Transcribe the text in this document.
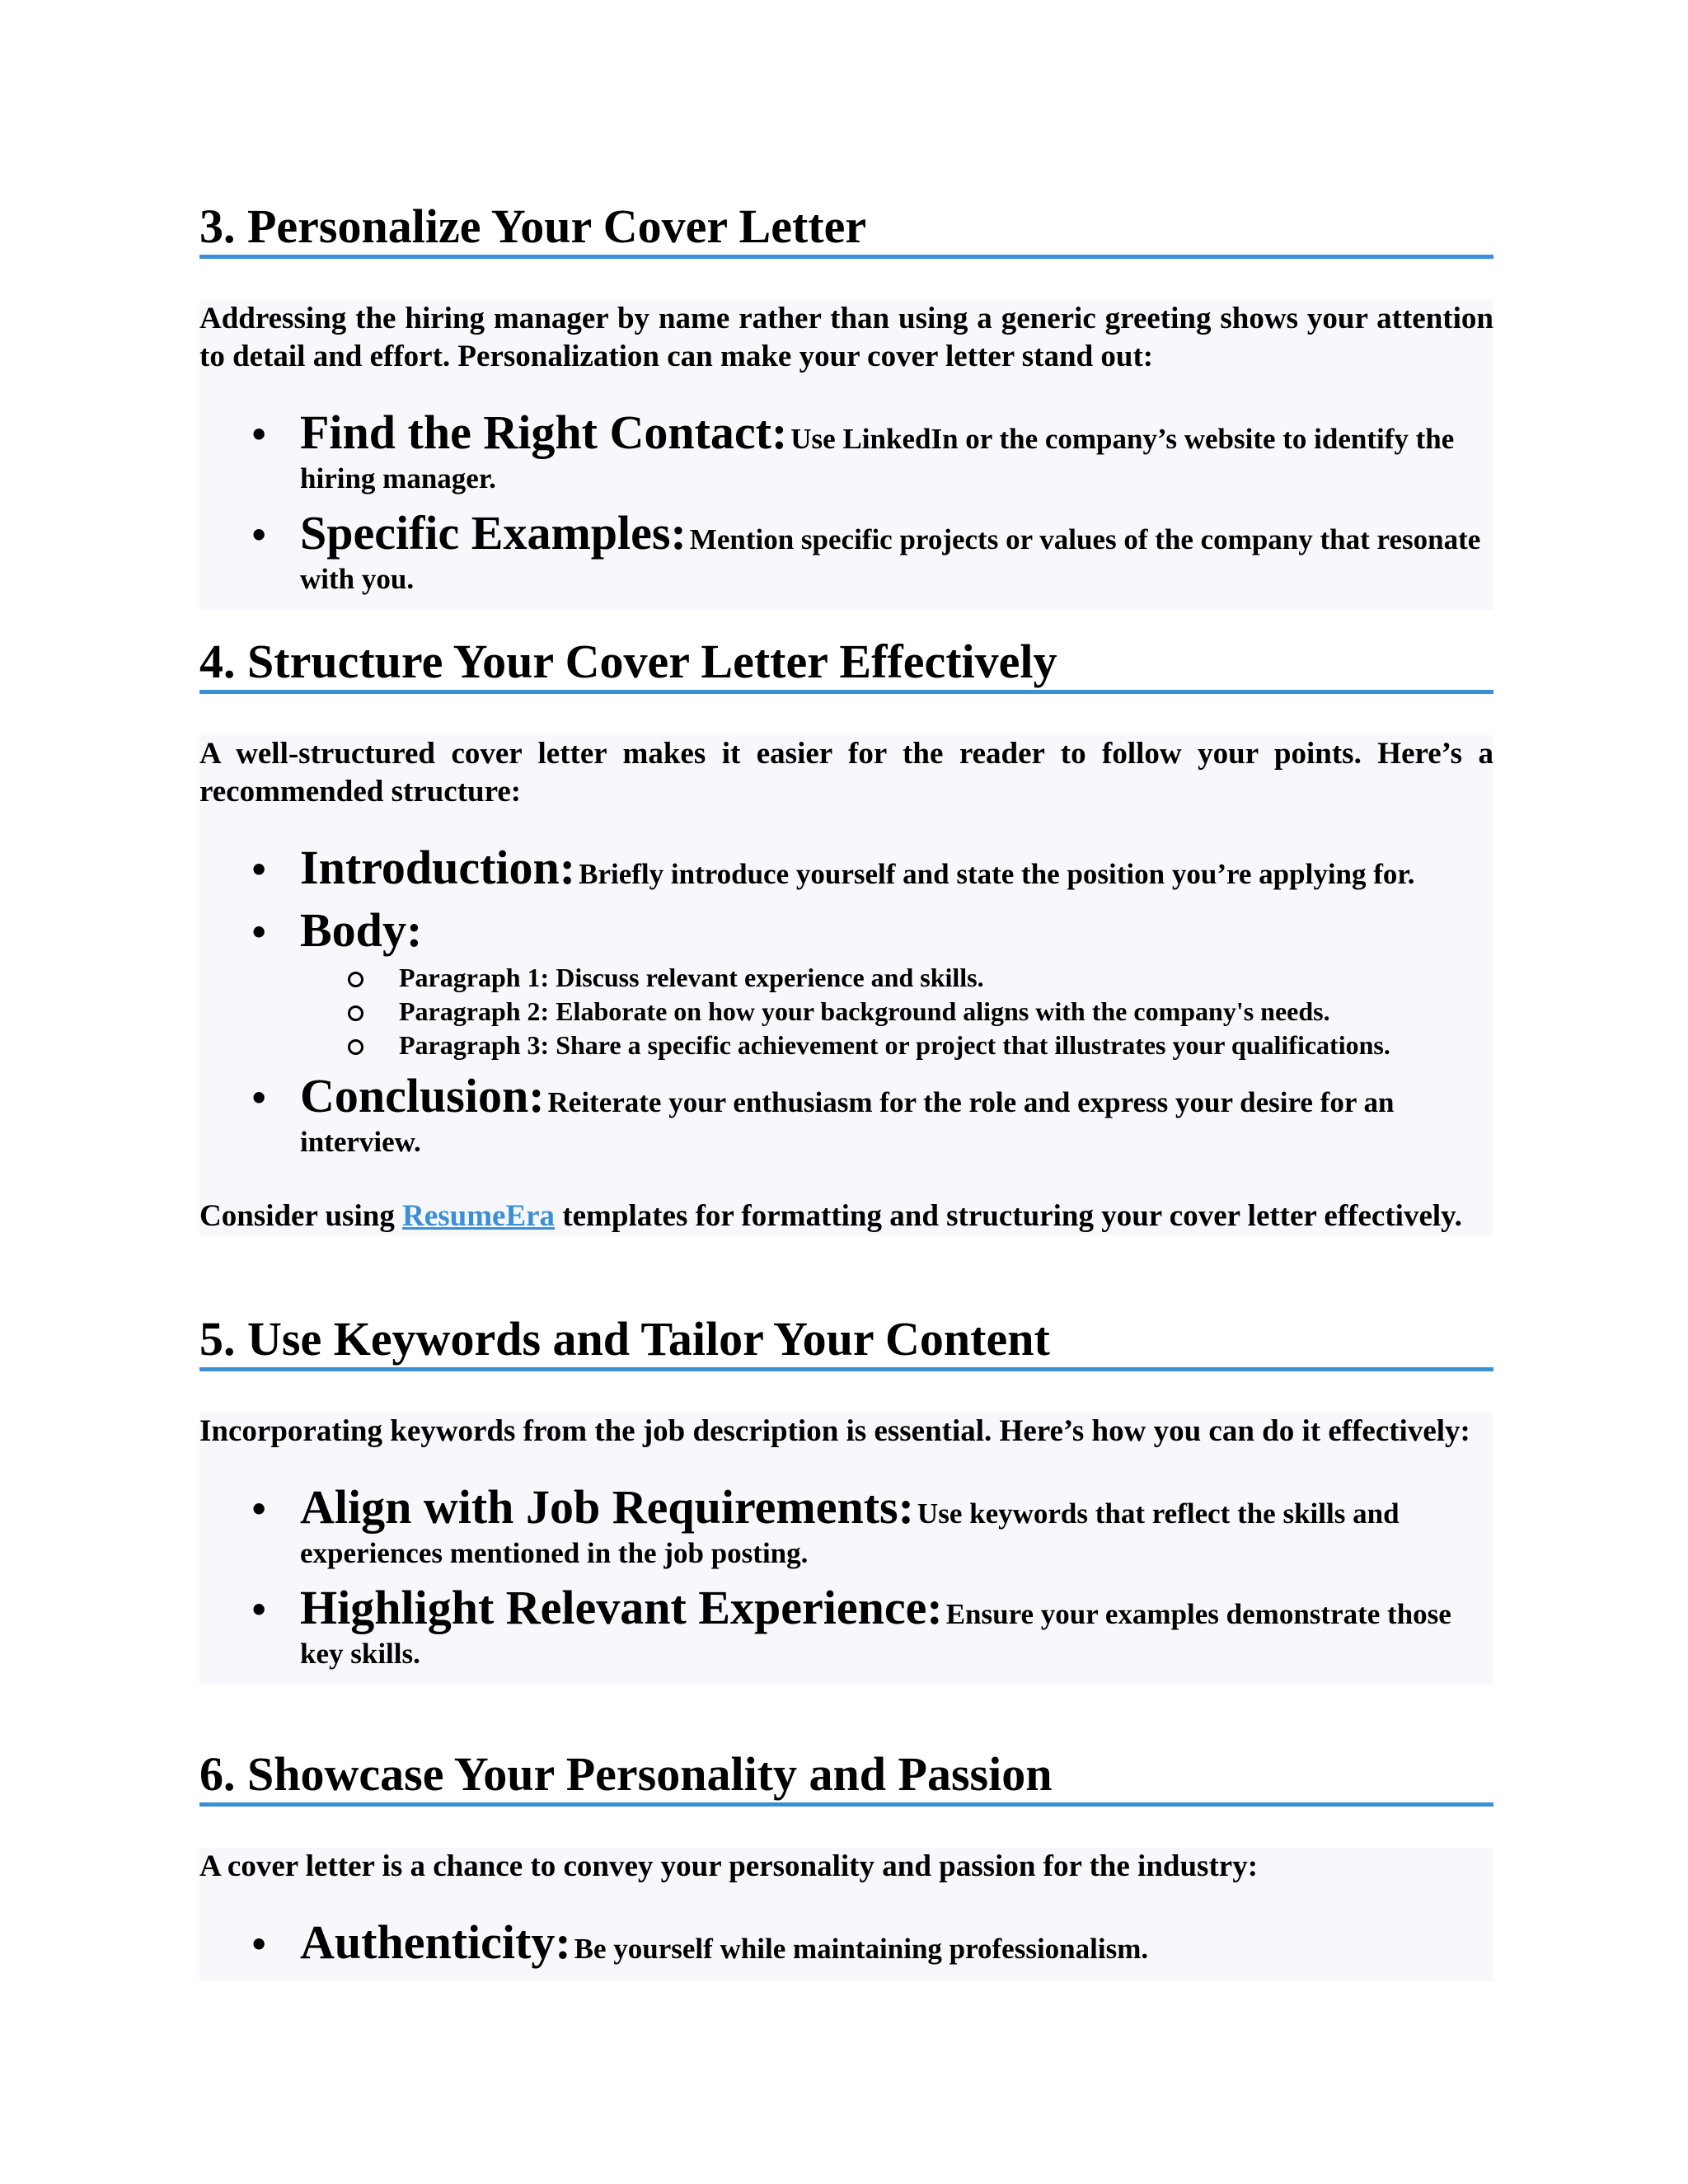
3. Personalize Your Cover Letter

Addressing the hiring manager by name rather than using a generic greeting shows your attention to detail and effort. Personalization can make your cover letter stand out:

• Find the Right Contact: Use LinkedIn or the company’s website to identify the hiring manager.
• Specific Examples: Mention specific projects or values of the company that resonate with you.
4. Structure Your Cover Letter Effectively

A well-structured cover letter makes it easier for the reader to follow your points. Here’s a recommended structure:

• Introduction: Briefly introduce yourself and state the position you’re applying for.
• Body:
Paragraph 1: Discuss relevant experience and skills.
Paragraph 2: Elaborate on how your background aligns with the company's needs.
Paragraph 3: Share a specific achievement or project that illustrates your qualifications.
• Conclusion: Reiterate your enthusiasm for the role and express your desire for an interview.

Consider using ResumeEra templates for formatting and structuring your cover letter effectively.

5. Use Keywords and Tailor Your Content

Incorporating keywords from the job description is essential. Here’s how you can do it effectively:

• Align with Job Requirements: Use keywords that reflect the skills and experiences mentioned in the job posting.
• Highlight Relevant Experience: Ensure your examples demonstrate those key skills.
6. Showcase Your Personality and Passion

A cover letter is a chance to convey your personality and passion for the industry:

• Authenticity: Be yourself while maintaining professionalism.
